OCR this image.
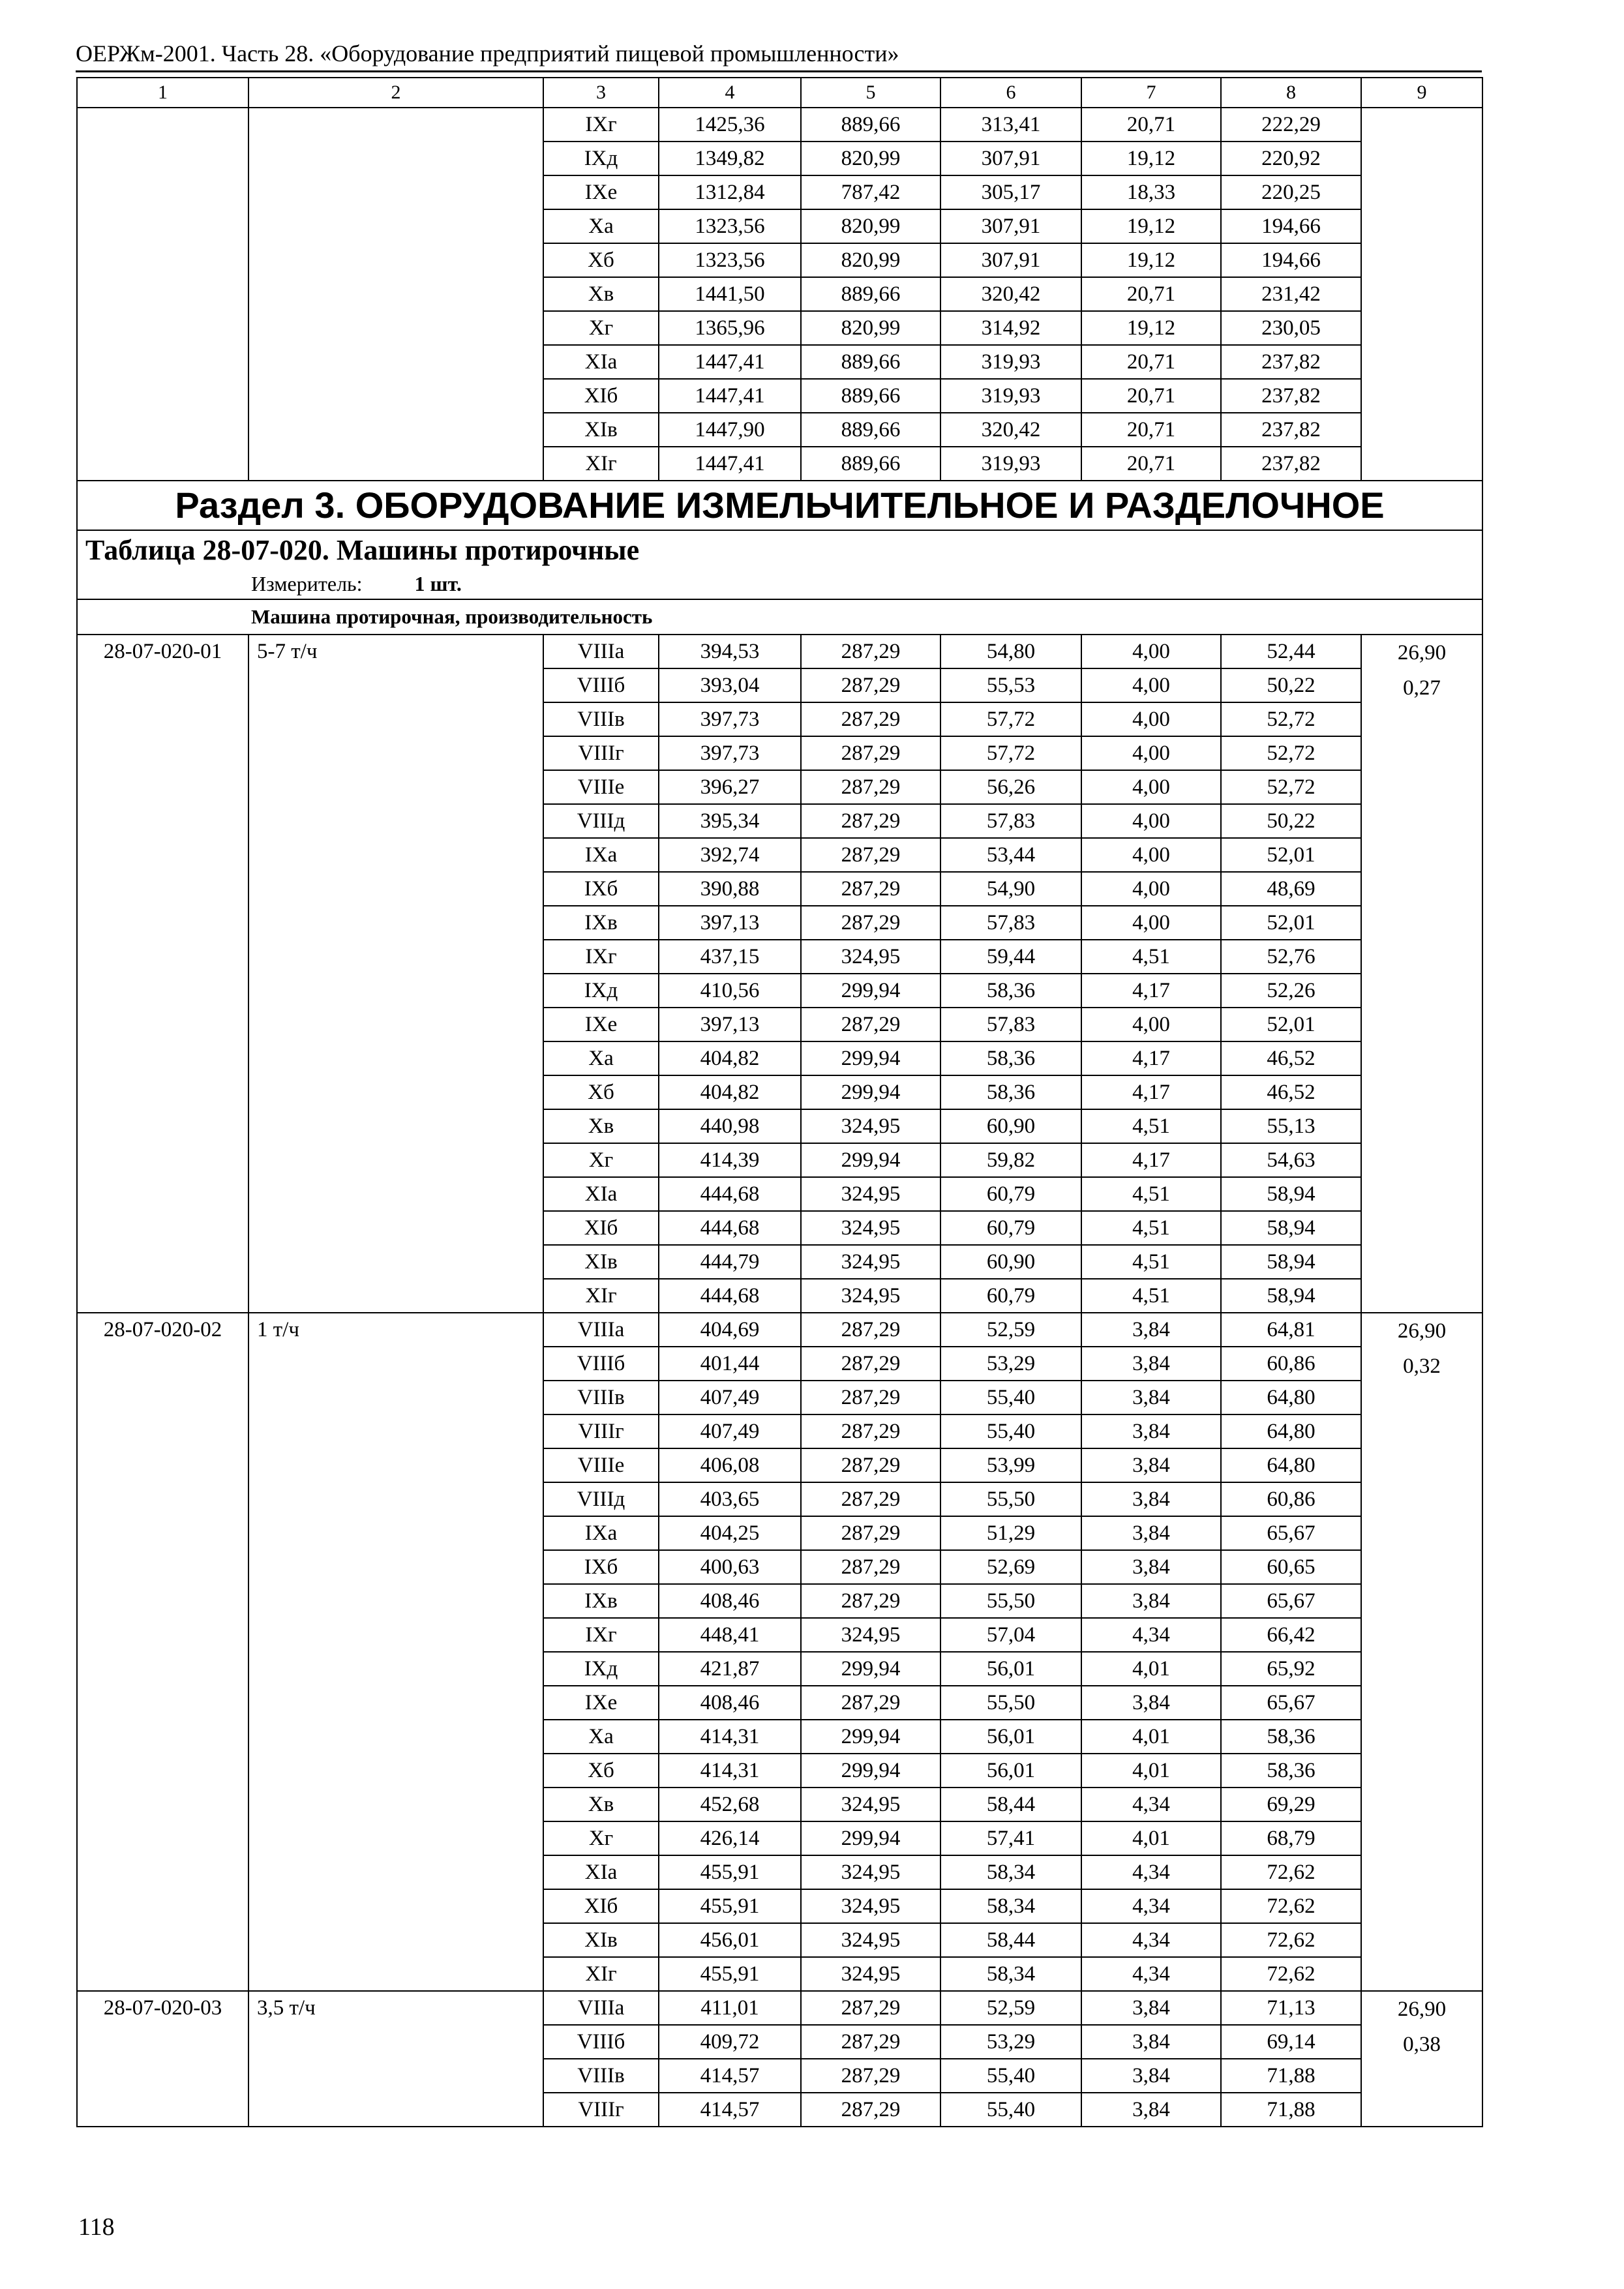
ОЕРЖм-2001. Часть 28. «Оборудование предприятий пищевой промышленности»
1	2	3	4	5	6	7	8	9
		IXг	1425,36	889,66	313,41	20,71	222,29	
		IXд	1349,82	820,99	307,91	19,12	220,92	
		IXе	1312,84	787,42	305,17	18,33	220,25	
		Xа	1323,56	820,99	307,91	19,12	194,66	
		Xб	1323,56	820,99	307,91	19,12	194,66	
		Xв	1441,50	889,66	320,42	20,71	231,42	
		Xг	1365,96	820,99	314,92	19,12	230,05	
		XIа	1447,41	889,66	319,93	20,71	237,82	
		XIб	1447,41	889,66	319,93	20,71	237,82	
		XIв	1447,90	889,66	320,42	20,71	237,82	
		XIг	1447,41	889,66	319,93	20,71	237,82	
Раздел 3. ОБОРУДОВАНИЕ ИЗМЕЛЬЧИТЕЛЬНОЕ И РАЗДЕЛОЧНОЕ								

Таблица 28-07-020. Машины протирочные
Измеритель: 1 шт.								

Машина протирочная, производительность								
28-07-020-01	5-7 т/ч	VIIIа	394,53	287,29	54,80	4,00	52,44	26,90
0,27

		VIIIб	393,04	287,29	55,53	4,00	50,22	
		VIIIв	397,73	287,29	57,72	4,00	52,72	
		VIIIг	397,73	287,29	57,72	4,00	52,72	
		VIIIе	396,27	287,29	56,26	4,00	52,72	
		VIIIд	395,34	287,29	57,83	4,00	50,22	
		IXа	392,74	287,29	53,44	4,00	52,01	
		IXб	390,88	287,29	54,90	4,00	48,69	
		IXв	397,13	287,29	57,83	4,00	52,01	
		IXг	437,15	324,95	59,44	4,51	52,76	
		IXд	410,56	299,94	58,36	4,17	52,26	
		IXе	397,13	287,29	57,83	4,00	52,01	
		Xа	404,82	299,94	58,36	4,17	46,52	
		Xб	404,82	299,94	58,36	4,17	46,52	
		Xв	440,98	324,95	60,90	4,51	55,13	
		Xг	414,39	299,94	59,82	4,17	54,63	
		XIа	444,68	324,95	60,79	4,51	58,94	
		XIб	444,68	324,95	60,79	4,51	58,94	
		XIв	444,79	324,95	60,90	4,51	58,94	
		XIг	444,68	324,95	60,79	4,51	58,94	
28-07-020-02	1 т/ч	VIIIа	404,69	287,29	52,59	3,84	64,81	26,90
0,32

		VIIIб	401,44	287,29	53,29	3,84	60,86	
		VIIIв	407,49	287,29	55,40	3,84	64,80	
		VIIIг	407,49	287,29	55,40	3,84	64,80	
		VIIIе	406,08	287,29	53,99	3,84	64,80	
		VIIIд	403,65	287,29	55,50	3,84	60,86	
		IXа	404,25	287,29	51,29	3,84	65,67	
		IXб	400,63	287,29	52,69	3,84	60,65	
		IXв	408,46	287,29	55,50	3,84	65,67	
		IXг	448,41	324,95	57,04	4,34	66,42	
		IXд	421,87	299,94	56,01	4,01	65,92	
		IXе	408,46	287,29	55,50	3,84	65,67	
		Xа	414,31	299,94	56,01	4,01	58,36	
		Xб	414,31	299,94	56,01	4,01	58,36	
		Xв	452,68	324,95	58,44	4,34	69,29	
		Xг	426,14	299,94	57,41	4,01	68,79	
		XIа	455,91	324,95	58,34	4,34	72,62	
		XIб	455,91	324,95	58,34	4,34	72,62	
		XIв	456,01	324,95	58,44	4,34	72,62	
		XIг	455,91	324,95	58,34	4,34	72,62	
28-07-020-03	3,5 т/ч	VIIIа	411,01	287,29	52,59	3,84	71,13	26,90
0,38

		VIIIб	409,72	287,29	53,29	3,84	69,14	
		VIIIв	414,57	287,29	55,40	3,84	71,88	
		VIIIг	414,57	287,29	55,40	3,84	71,88	
118
